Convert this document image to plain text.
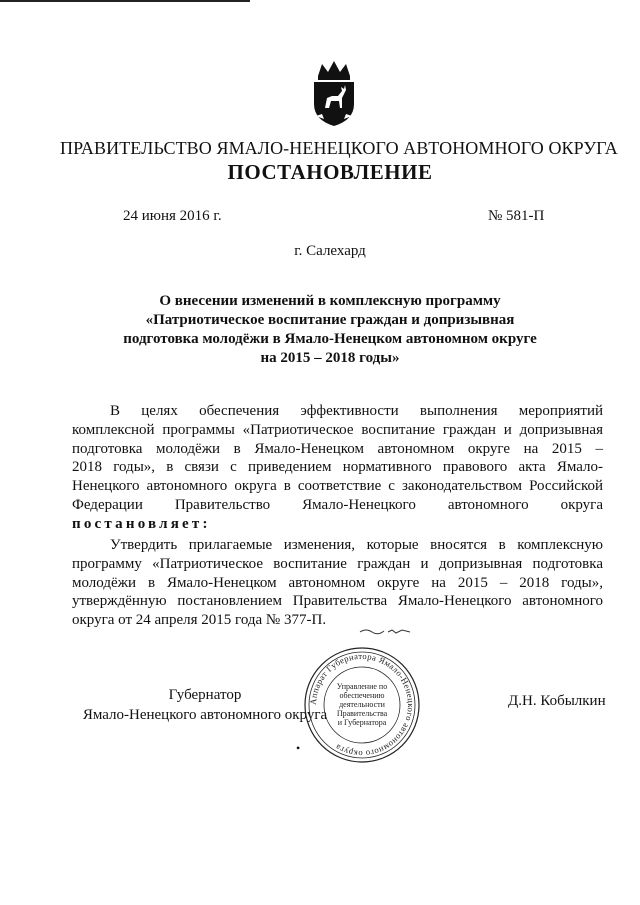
ПРАВИТЕЛЬСТВО ЯМАЛО-НЕНЕЦКОГО АВТОНОМНОГО ОКРУГА
ПОСТАНОВЛЕНИЕ
24 июня 2016 г.	№ 581-П
г. Салехард
О внесении изменений в комплексную программу
«Патриотическое воспитание граждан и допризывная
подготовка молодёжи в Ямало-Ненецком автономном округе
на 2015 – 2018 годы»
В целях обеспечения эффективности выполнения мероприятий
комплексной программы «Патриотическое воспитание граждан и допризывная
подготовка молодёжи в Ямало-Ненецком автономном округе на 2015 –
2018 годы», в связи с приведением нормативного правового акта Ямало-
Ненецкого автономного округа в соответствие с законодательством Российской
Федерации Правительство Ямало-Ненецкого автономного округа
постановляет:
Утвердить прилагаемые изменения, которые вносятся в комплексную
программу «Патриотическое воспитание граждан и допризывная подготовка
молодёжи в Ямало-Ненецком автономном округе на 2015 – 2018 годы»,
утверждённую постановлением Правительства Ямало-Ненецкого автономного
округа от 24 апреля 2015 года № 377-П.
Губернатор
Ямало-Ненецкого автономного округа
Д.Н. Кобылкин
•
Аппарат Губернатора Ямало-Ненецкого автономного округа
Управление по обеспечению деятельности Правительства и Губернатора
